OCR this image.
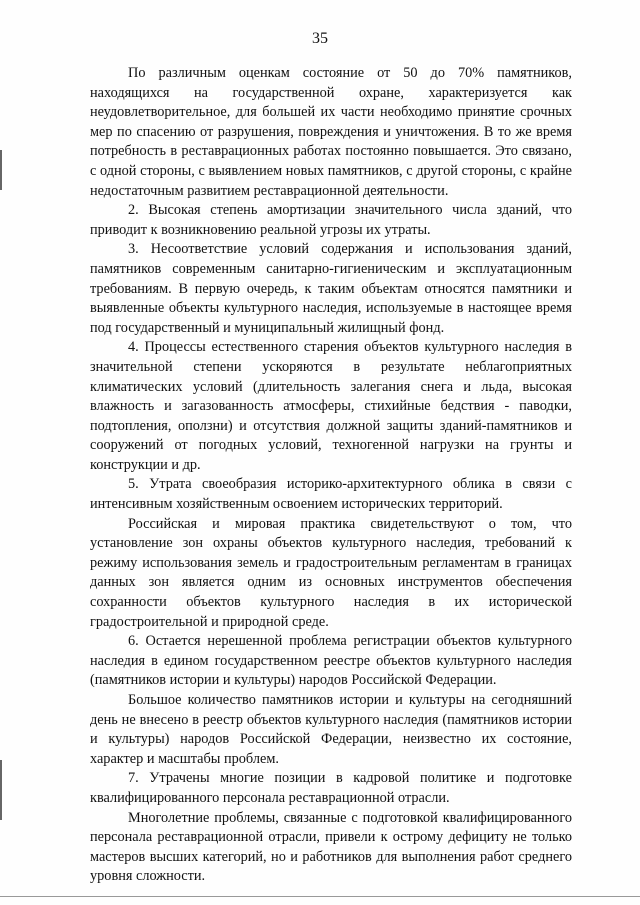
35

По различным оценкам состояние от 50 до 70% памятников, находящихся на государственной охране, характеризуется как неудовлетворительное, для большей их части необходимо принятие срочных мер по спасению от разрушения, повреждения и уничтожения. В то же время потребность в реставрационных работах постоянно повышается. Это связано, с одной стороны, с выявлением новых памятников, с другой стороны, с крайне недостаточным развитием реставрационной деятельности.

2. Высокая степень амортизации значительного числа зданий, что приводит к возникновению реальной угрозы их утраты.

3. Несоответствие условий содержания и использования зданий, памятников современным санитарно-гигиеническим и эксплуатационным требованиям. В первую очередь, к таким объектам относятся памятники и выявленные объекты культурного наследия, используемые в настоящее время под государственный и муниципальный жилищный фонд.

4. Процессы естественного старения объектов культурного наследия в значительной степени ускоряются в результате неблагоприятных климатических условий (длительность залегания снега и льда, высокая влажность и загазованность атмосферы, стихийные бедствия - паводки, подтопления, оползни) и отсутствия должной защиты зданий-памятников и сооружений от погодных условий, техногенной нагрузки на грунты и конструкции и др.

5. Утрата своеобразия историко-архитектурного облика в связи с интенсивным хозяйственным освоением исторических территорий.

Российская и мировая практика свидетельствуют о том, что установление зон охраны объектов культурного наследия, требований к режиму использования земель и градостроительным регламентам в границах данных зон является одним из основных инструментов обеспечения сохранности объектов культурного наследия в их исторической градостроительной и природной среде.

6. Остается нерешенной проблема регистрации объектов культурного наследия в едином государственном реестре объектов культурного наследия (памятников истории и культуры) народов Российской Федерации.

Большое количество памятников истории и культуры на сегодняшний день не внесено в реестр объектов культурного наследия (памятников истории и культуры) народов Российской Федерации, неизвестно их состояние, характер и масштабы проблем.

7. Утрачены многие позиции в кадровой политике и подготовке квалифицированного персонала реставрационной отрасли.

Многолетние проблемы, связанные с подготовкой квалифицированного персонала реставрационной отрасли, привели к острому дефициту не только мастеров высших категорий, но и работников для выполнения работ среднего уровня сложности.
